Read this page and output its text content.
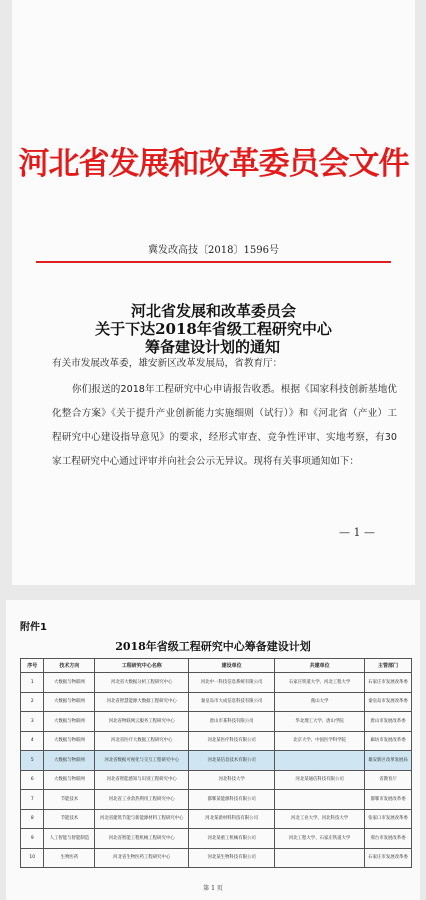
河北省发展和改革委员会文件
冀发改高技〔2018〕1596号
河北省发展和改革委员会
关于下达2018年省级工程研究中心
筹备建设计划的通知
有关市发展改革委，雄安新区改革发展局，省教育厅：
你们报送的2018年工程研究中心申请报告收悉。根据《国家科技创新基地优化整合方案》《关于提升产业创新能力实施细则（试行）》和《河北省（产业）工程研究中心建设指导意见》的要求，经形式审查、竞争性评审、实地考察，有30家工程研究中心通过评审并向社会公示无异议。现将有关事项通知如下：
— 1 —
附件1
2018年省级工程研究中心筹备建设计划
序号	技术方向	工程研究中心名称	建设单位	共建单位	主管部门
1	大数据与物联网	河北省大数据分析工程研究中心	河北中一科技信息系统有限公司	石家庄铁道大学、河北工程大学	石家庄市发展改革委
2	大数据与物联网	河北省智慧能源大数据工程研究中心	秦皇岛市大成信息科技有限公司	燕山大学	秦皇岛市发展改革委
3	大数据与物联网	河北省物联网云服务工程研究中心	唐山市某科技有限公司	华北理工大学、唐山学院	唐山市发展改革委
4	大数据与物联网	河北省医疗大数据工程研究中心	河北某医疗科技有限公司	北京大学、中国医学科学院	廊坊市发展改革委
5	大数据与物联网	河北省数据可视化与交互工程研究中心	河北某信息技术有限公司		雄安新区改革发展局
6	大数据与物联网	河北省智能感知与识别工程研究中心	河北科技大学	河北某通信科技有限公司	省教育厅
7	节能技术	河北省工业余热利用工程研究中心	邯郸某能源科技有限公司		邯郸市发展改革委
8	节能技术	河北省建筑节能与新能源材料工程研究中心	河北某新材料科技有限公司	河北工业大学、河北科技大学	张家口市发展改革委
9	人工智能与智能制造	河北省智能工程机械工程研究中心	河北某重工机械有限公司	河北工程大学、石家庄铁道大学	邢台市发展改革委
10	生物医药	河北省生物医药工程研究中心	河北某生物科技有限公司		石家庄市发展改革委
第 1 页
